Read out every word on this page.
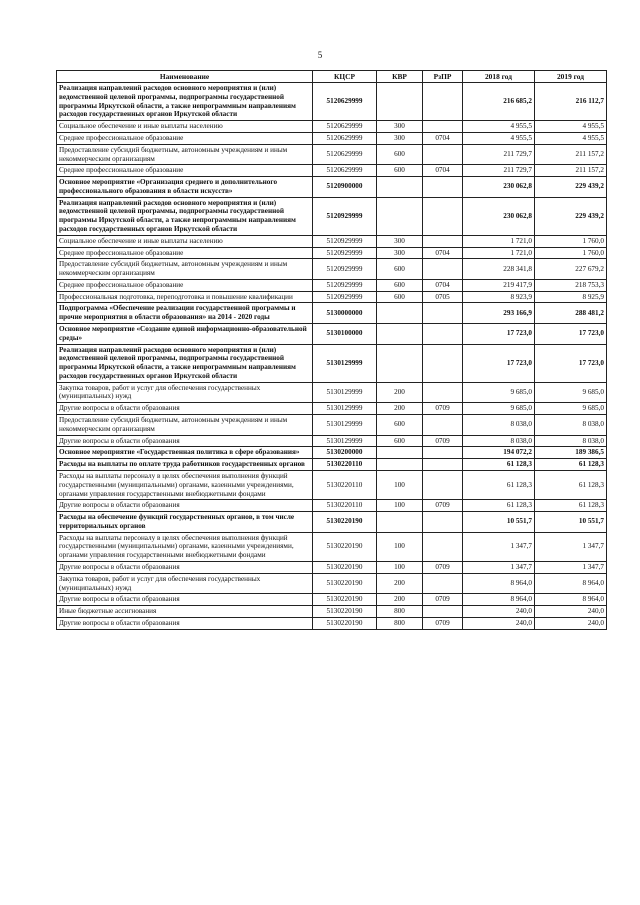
5
Наименование	КЦСР	КВР	РзПР	2018 год	2019 год
Реализация направлений расходов основного мероприятия и (или) ведомственной целевой программы, подпрограммы государственной программы Иркутской области, а также непрограммным направлениям расходов государственных органов Иркутской области	5120629999			216 685,2	216 112,7
Социальное обеспечение и иные выплаты населению	5120629999	300		4 955,5	4 955,5
Среднее профессиональное образование	5120629999	300	0704	4 955,5	4 955,5
Предоставление субсидий бюджетным, автономным учреждениям и иным некоммерческим организациям	5120629999	600		211 729,7	211 157,2
Среднее профессиональное образование	5120629999	600	0704	211 729,7	211 157,2
Основное мероприятие «Организация среднего и дополнительного профессионального образования в области искусств»	5120900000			230 062,8	229 439,2
Реализация направлений расходов основного мероприятия и (или) ведомственной целевой программы, подпрограммы государственной программы Иркутской области, а также непрограммным направлениям расходов государственных органов Иркутской области	5120929999			230 062,8	229 439,2
Социальное обеспечение и иные выплаты населению	5120929999	300		1 721,0	1 760,0
Среднее профессиональное образование	5120929999	300	0704	1 721,0	1 760,0
Предоставление субсидий бюджетным, автономным учреждениям и иным некоммерческим организациям	5120929999	600		228 341,8	227 679,2
Среднее профессиональное образование	5120929999	600	0704	219 417,9	218 753,3
Профессиональная подготовка, переподготовка и повышение квалификации	5120929999	600	0705	8 923,9	8 925,9
Подпрограмма «Обеспечение реализации государственной программы и прочие мероприятия в области образования» на 2014 - 2020 годы	5130000000			293 166,9	288 481,2
Основное мероприятие «Создание единой информационно-образовательной среды»	5130100000			17 723,0	17 723,0
Реализация направлений расходов основного мероприятия и (или) ведомственной целевой программы, подпрограммы государственной программы Иркутской области, а также непрограммным направлениям расходов государственных органов Иркутской области	5130129999			17 723,0	17 723,0
Закупка товаров, работ и услуг для обеспечения государственных (муниципальных) нужд	5130129999	200		9 685,0	9 685,0
Другие вопросы в области образования	5130129999	200	0709	9 685,0	9 685,0
Предоставление субсидий бюджетным, автономным учреждениям и иным некоммерческим организациям	5130129999	600		8 038,0	8 038,0
Другие вопросы в области образования	5130129999	600	0709	8 038,0	8 038,0
Основное мероприятие «Государственная политика в сфере образования»	5130200000			194 072,2	189 386,5
Расходы на выплаты по оплате труда работников государственных органов	5130220110			61 128,3	61 128,3
Расходы на выплаты персоналу в целях обеспечения выполнения функций государственными (муниципальными) органами, казенными учреждениями, органами управления государственными внебюджетными фондами	5130220110	100		61 128,3	61 128,3
Другие вопросы в области образования	5130220110	100	0709	61 128,3	61 128,3
Расходы на обеспечение функций государственных органов, в том числе территориальных органов	5130220190			10 551,7	10 551,7
Расходы на выплаты персоналу в целях обеспечения выполнения функций государственными (муниципальными) органами, казенными учреждениями, органами управления государственными внебюджетными фондами	5130220190	100		1 347,7	1 347,7
Другие вопросы в области образования	5130220190	100	0709	1 347,7	1 347,7
Закупка товаров, работ и услуг для обеспечения государственных (муниципальных) нужд	5130220190	200		8 964,0	8 964,0
Другие вопросы в области образования	5130220190	200	0709	8 964,0	8 964,0
Иные бюджетные ассигнования	5130220190	800		240,0	240,0
Другие вопросы в области образования	5130220190	800	0709	240,0	240,0
